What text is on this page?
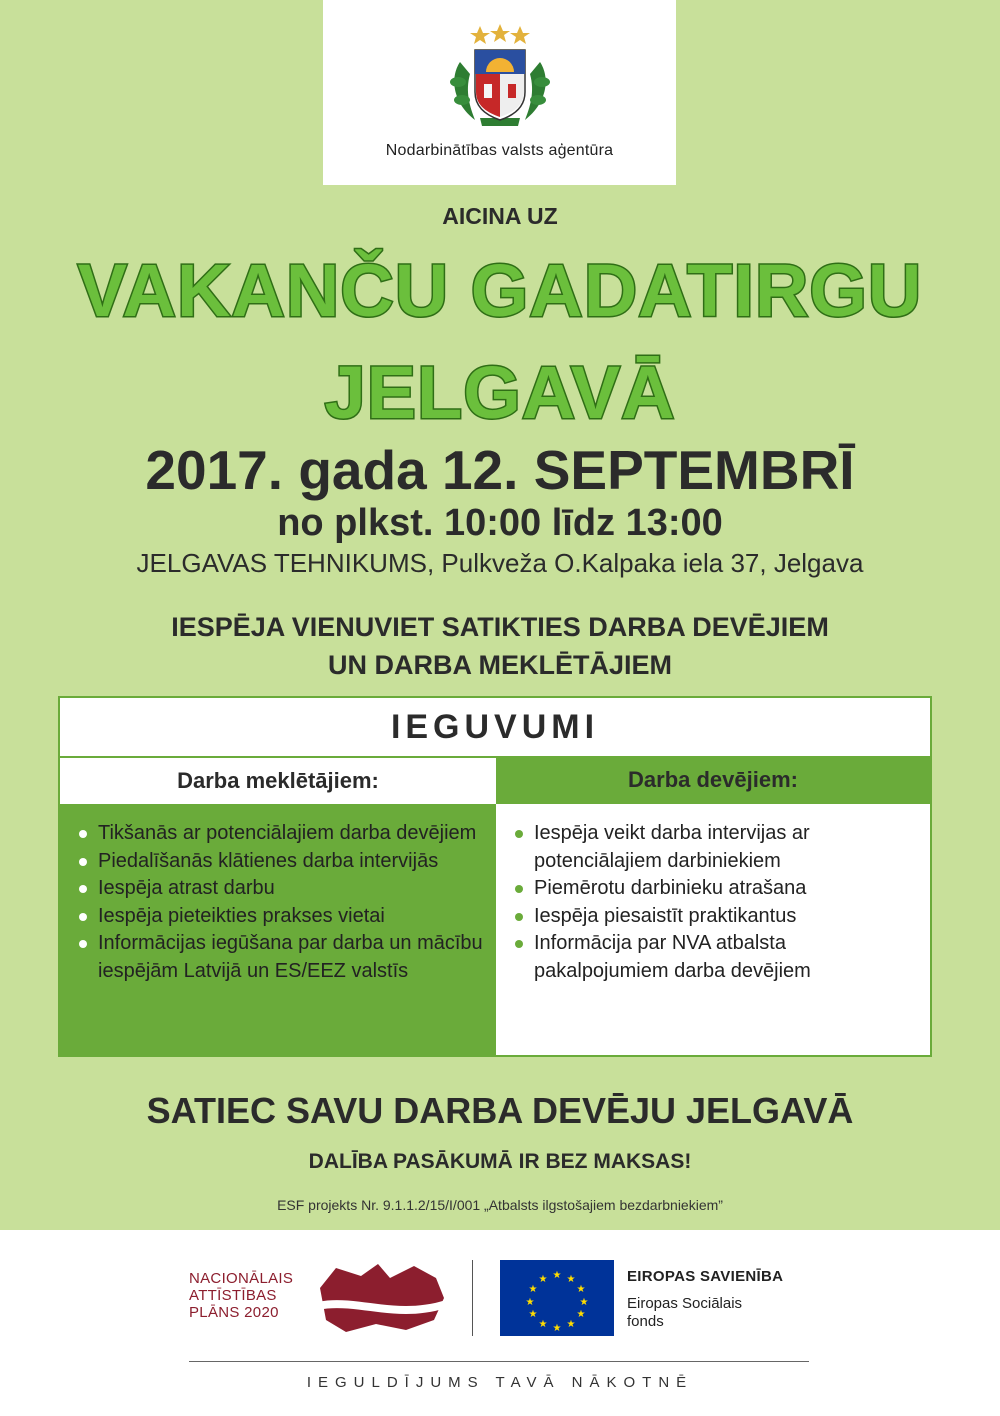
Nodarbinātības valsts aģentūra
AICINA UZ
VAKANČU GADATIRGU
JELGAVĀ
2017. gada 12. SEPTEMBRĪ
no plkst. 10:00 līdz 13:00
JELGAVAS TEHNIKUMS, Pulkveža O.Kalpaka iela 37, Jelgava
IESPĒJA VIENUVIET SATIKTIES DARBA DEVĒJIEM
UN DARBA MEKLĒTĀJIEM
IEGUVUMI
Darba meklētājiem:	Darba devējiem:
Tikšanās ar potenciālajiem darba devējiem
Piedalīšanās klātienes darba intervijās
Iespēja atrast darbu
Iespēja pieteikties prakses vietai
Informācijas iegūšana par darba un mācību iespējām Latvijā un ES/EEZ valstīs
Iespēja veikt darba intervijas ar potenciālajiem darbiniekiem
Piemērotu darbinieku atrašana
Iespēja piesaistīt praktikantus
Informācija par NVA atbalsta pakalpojumiem darba devējiem
SATIEC SAVU DARBA DEVĒJU JELGAVĀ
DALĪBA PASĀKUMĀ IR BEZ MAKSAS!
ESF projekts Nr. 9.1.1.2/15/I/001 „Atbalsts ilgstošajiem bezdarbniekiem”
NACIONĀLAIS
ATTĪSTĪBAS
PLĀNS 2020
★ ★
★
★
★
★
★
★
★
★
★
★	EIROPAS SAVIENĪBA
Eiropas Sociālais
fonds
IEGULDĪJUMS TAVĀ NĀKOTNĒ
